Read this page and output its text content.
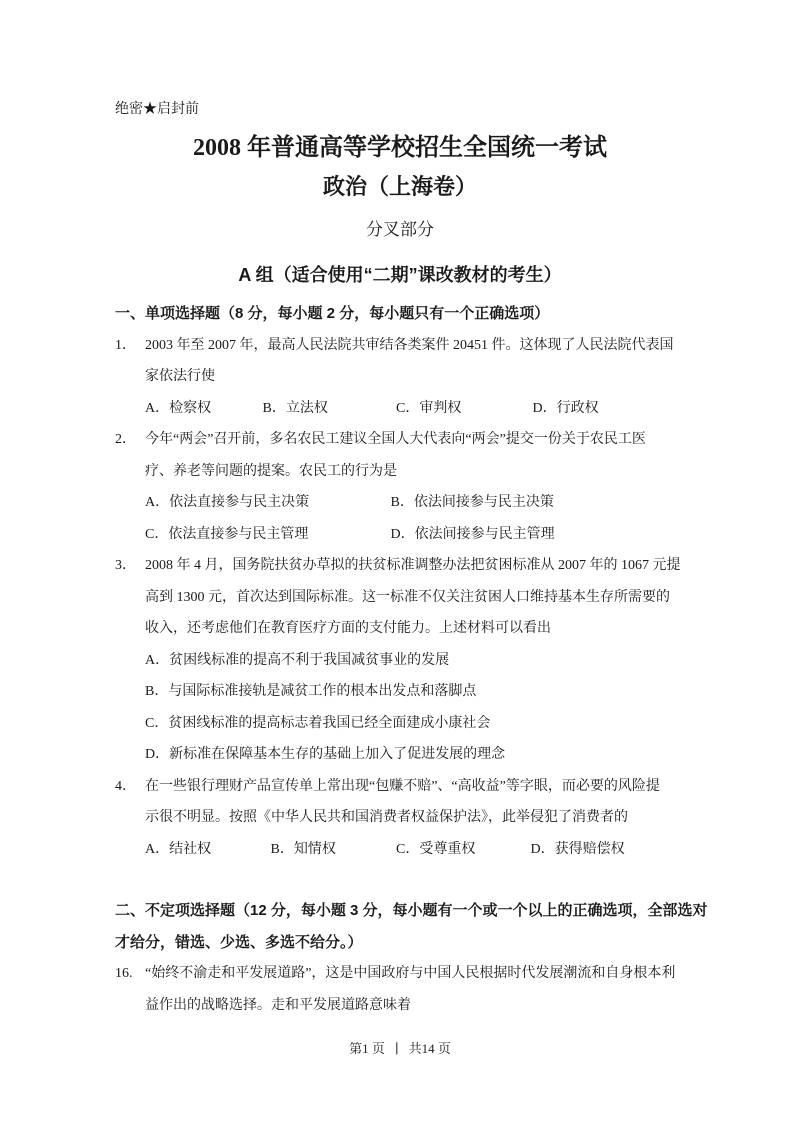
绝密★启封前
2008 年普通高等学校招生全国统一考试
政治（上海卷）
分叉部分
A 组（适合使用“二期”课改教材的考生）
一、单项选择题（8 分，每小题 2 分，每小题只有一个正确选项）
1． 2003 年至 2007 年，最高人民法院共审结各类案件 20451 件。这体现了人民法院代表国
家依法行使
A．检察权	B．立法权	C．审判权	D．行政权
2． 今年“两会”召开前，多名农民工建议全国人大代表向“两会”提交一份关于农民工医
疗、养老等问题的提案。农民工的行为是
A．依法直接参与民主决策	B．依法间接参与民主决策
C．依法直接参与民主管理	D．依法间接参与民主管理
3． 2008 年 4 月，国务院扶贫办草拟的扶贫标准调整办法把贫困标准从 2007 年的 1067 元提
高到 1300 元，首次达到国际标准。这一标准不仅关注贫困人口维持基本生存所需要的
收入，还考虑他们在教育医疗方面的支付能力。上述材料可以看出
A．贫困线标准的提高不利于我国减贫事业的发展
B．与国际标准接轨是减贫工作的根本出发点和落脚点
C．贫困线标准的提高标志着我国已经全面建成小康社会
D．新标准在保障基本生存的基础上加入了促进发展的理念
4． 在一些银行理财产品宣传单上常出现“包赚不赔”、“高收益”等字眼，而必要的风险提
示很不明显。按照《中华人民共和国消费者权益保护法》，此举侵犯了消费者的
A．结社权	B．知情权	C．受尊重权	D．获得赔偿权
二、不定项选择题（12 分，每小题 3 分，每小题有一个或一个以上的正确选项，全部选对
才给分，错选、少选、多选不给分。）
16. “始终不渝走和平发展道路”，这是中国政府与中国人民根据时代发展潮流和自身根本利
益作出的战略选择。走和平发展道路意味着
第1 页 ∣ 共14 页
